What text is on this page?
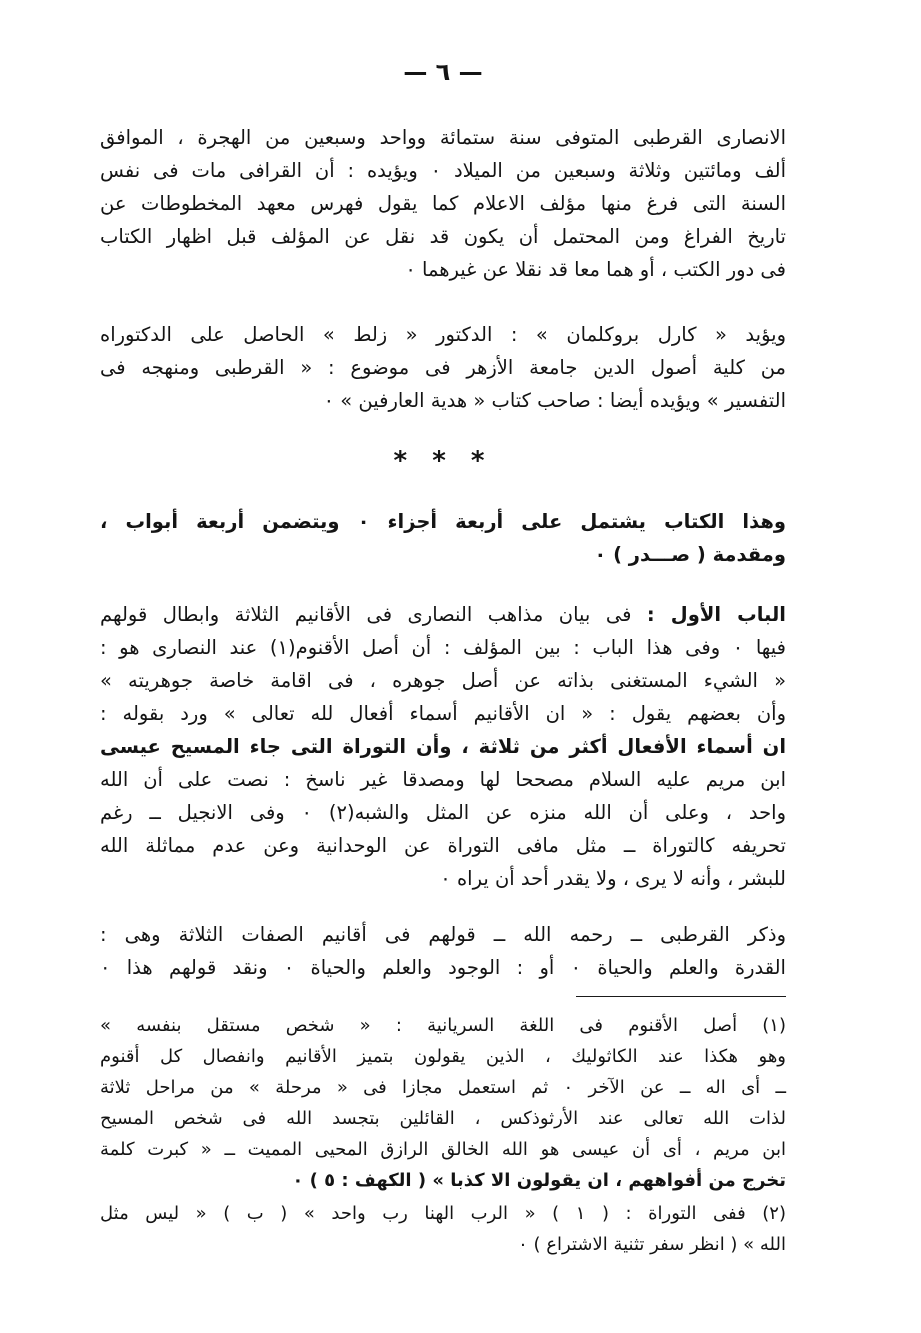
— ٦ —
الانصارى القرطبى المتوفى سنة ستمائة وواحد وسبعين من الهجرة ، الموافق
ألف ومائتين وثلاثة وسبعين من الميلاد ٠ ويؤيده : أن القرافى مات فى نفس
السنة التى فرغ منها مؤلف الاعلام كما يقول فهرس معهد المخطوطات عن
تاريخ الفراغ ومن المحتمل أن يكون قد نقل عن المؤلف قبل اظهار الكتاب
فى دور الكتب ، أو هما معا قد نقلا عن غيرهما ٠
ويؤيد « كارل بروكلمان » : الدكتور « زلط » الحاصل على الدكتوراه
من كلية أصول الدين جامعة الأزهر فى موضوع : « القرطبى ومنهجه فى
التفسير » ويؤيده أيضا : صاحب كتاب « هدية العارفين » ٠
* * *
وهذا الكتاب يشتمل على أربعة أجزاء ٠ ويتضمن أربعة أبواب ،
ومقدمة ( صـــدر ) ٠
الباب الأول : فى بيان مذاهب النصارى فى الأقانيم الثلاثة وابطال قولهم
فيها ٠ وفى هذا الباب : بين المؤلف : أن أصل الأقنوم(١) عند النصارى هو :
« الشيء المستغنى بذاته عن أصل جوهره ، فى اقامة خاصة جوهريته »
وأن بعضهم يقول : « ان الأقانيم أسماء أفعال لله تعالى » ورد بقوله :
ان أسماء الأفعال أكثر من ثلاثة ، وأن التوراة التى جاء المسيح عيسى
ابن مريم عليه السلام مصححا لها ومصدقا غير ناسخ : نصت على أن الله
واحد ، وعلى أن الله منزه عن المثل والشبه(٢) ٠ وفى الانجيل ــ رغم
تحريفه كالتوراة ــ مثل مافى التوراة عن الوحدانية وعن عدم مماثلة الله
للبشر ، وأنه لا يرى ، ولا يقدر أحد أن يراه ٠
وذكر القرطبى ــ رحمه الله ــ قولهم فى أقانيم الصفات الثلاثة وهى :
القدرة والعلم والحياة ٠ أو : الوجود والعلم والحياة ٠ ونقد قولهم هذا ٠
(١) أصل الأقنوم فى اللغة السريانية : « شخص مستقل بنفسه »
وهو هكذا عند الكاثوليك ، الذين يقولون بتميز الأقانيم وانفصال كل أقنوم
ــ أى اله ــ عن الآخر ٠ ثم استعمل مجازا فى « مرحلة » من مراحل ثلاثة
لذات الله تعالى عند الأرثوذكس ، القائلين بتجسد الله فى شخص المسيح
ابن مريم ، أى أن عيسى هو الله الخالق الرازق المحيى المميت ــ « كبرت كلمة
تخرج من أفواههم ، ان يقولون الا كذبا » ( الكهف : ٥ ) ٠
(٢) ففى التوراة : ( ١ ) « الرب الهنا رب واحد » ( ب ) « ليس مثل
الله » ( انظر سفر تثنية الاشتراع ) ٠
